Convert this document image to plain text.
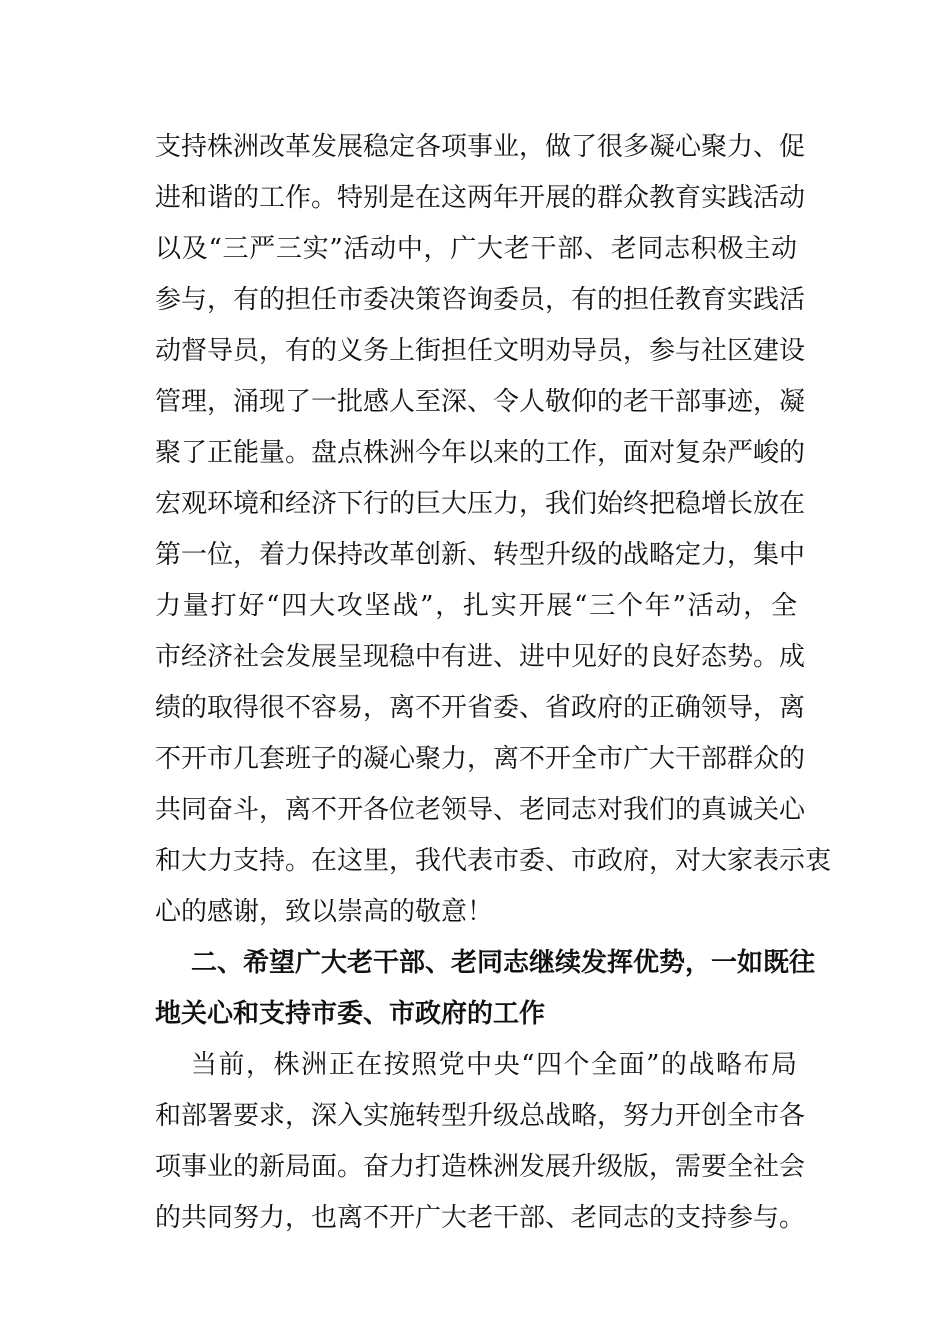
支持株洲改革发展稳定各项事业，做了很多凝心聚力、促
进和谐的工作。特别是在这两年开展的群众教育实践活动
以及“三严三实”活动中，广大老干部、老同志积极主动
参与，有的担任市委决策咨询委员，有的担任教育实践活
动督导员，有的义务上街担任文明劝导员，参与社区建设
管理，涌现了一批感人至深、令人敬仰的老干部事迹，凝
聚了正能量。盘点株洲今年以来的工作，面对复杂严峻的
宏观环境和经济下行的巨大压力，我们始终把稳增长放在
第一位，着力保持改革创新、转型升级的战略定力，集中
力量打好“四大攻坚战”，扎实开展“三个年”活动，全
市经济社会发展呈现稳中有进、进中见好的良好态势。成
绩的取得很不容易，离不开省委、省政府的正确领导，离
不开市几套班子的凝心聚力，离不开全市广大干部群众的
共同奋斗，离不开各位老领导、老同志对我们的真诚关心
和大力支持。在这里，我代表市委、市政府，对大家表示衷
心的感谢，致以崇高的敬意！
二、希望广大老干部、老同志继续发挥优势，一如既往
地关心和支持市委、市政府的工作
当前，株洲正在按照党中央“四个全面”的战略布局
和部署要求，深入实施转型升级总战略，努力开创全市各
项事业的新局面。奋力打造株洲发展升级版，需要全社会
的共同努力，也离不开广大老干部、老同志的支持参与。
